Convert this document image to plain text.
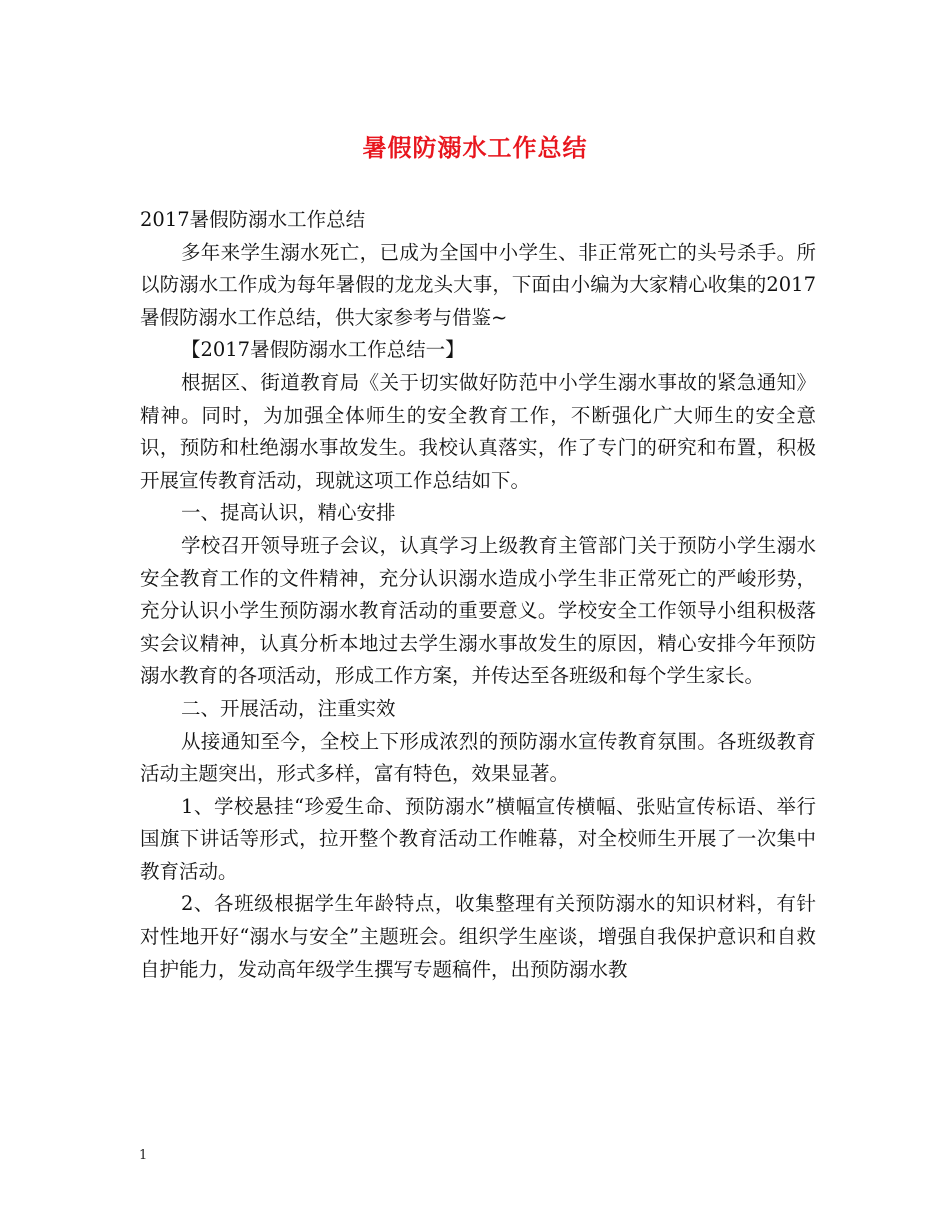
暑假防溺水工作总结

2017暑假防溺水工作总结

多年来学生溺水死亡，已成为全国中小学生、非正常死亡的头号杀手。所以防溺水工作成为每年暑假的龙龙头大事，下面由小编为大家精心收集的2017暑假防溺水工作总结，供大家参考与借鉴~

【2017暑假防溺水工作总结一】

根据区、街道教育局《关于切实做好防范中小学生溺水事故的紧急通知》精神。同时，为加强全体师生的安全教育工作，不断强化广大师生的安全意识，预防和杜绝溺水事故发生。我校认真落实，作了专门的研究和布置，积极开展宣传教育活动，现就这项工作总结如下。

一、提高认识，精心安排

学校召开领导班子会议，认真学习上级教育主管部门关于预防小学生溺水安全教育工作的文件精神，充分认识溺水造成小学生非正常死亡的严峻形势，充分认识小学生预防溺水教育活动的重要意义。学校安全工作领导小组积极落实会议精神，认真分析本地过去学生溺水事故发生的原因，精心安排今年预防溺水教育的各项活动，形成工作方案，并传达至各班级和每个学生家长。

二、开展活动，注重实效

从接通知至今，全校上下形成浓烈的预防溺水宣传教育氛围。各班级教育活动主题突出，形式多样，富有特色，效果显著。

1、学校悬挂“珍爱生命、预防溺水”横幅宣传横幅、张贴宣传标语、举行国旗下讲话等形式，拉开整个教育活动工作帷幕，对全校师生开展了一次集中教育活动。

2、各班级根据学生年龄特点，收集整理有关预防溺水的知识材料，有针对性地开好“溺水与安全”主题班会。组织学生座谈，增强自我保护意识和自救自护能力，发动高年级学生撰写专题稿件，出预防溺水教

1
